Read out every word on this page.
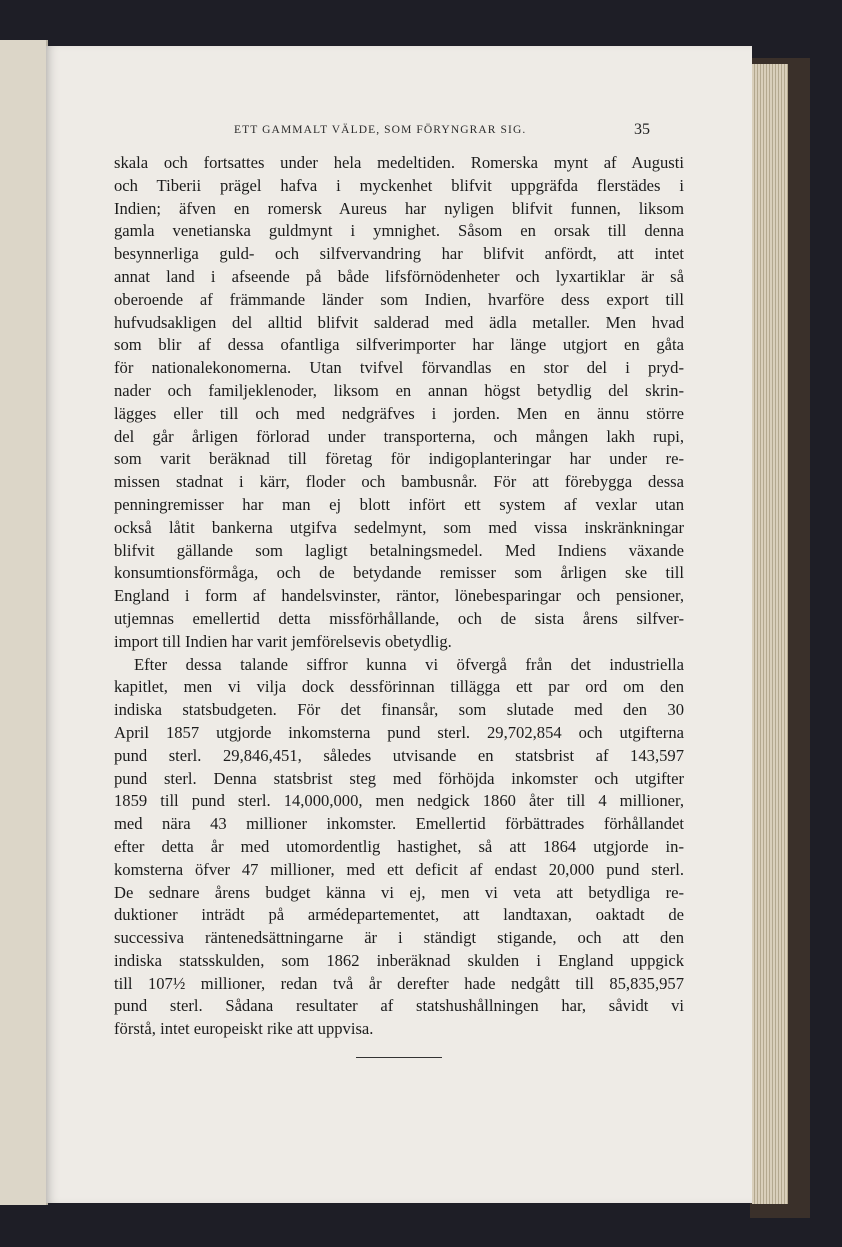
ETT GAMMALT VÄLDE, SOM FÖRYNGRAR SIG.	35
skala och fortsattes under hela medeltiden. Romerska mynt af Augusti
och Tiberii prägel hafva i myckenhet blifvit uppgräfda flerstädes i
Indien; äfven en romersk Aureus har nyligen blifvit funnen, liksom
gamla venetianska guldmynt i ymnighet. Såsom en orsak till denna
besynnerliga guld- och silfvervandring har blifvit anfördt, att intet
annat land i afseende på både lifsförnödenheter och lyxartiklar är så
oberoende af främmande länder som Indien, hvarföre dess export till
hufvudsakligen del alltid blifvit salderad med ädla metaller. Men hvad
som blir af dessa ofantliga silfverimporter har länge utgjort en gåta
för nationalekonomerna. Utan tvifvel förvandlas en stor del i pryd-
nader och familjeklenoder, liksom en annan högst betydlig del skrin-
lägges eller till och med nedgräfves i jorden. Men en ännu större
del går årligen förlorad under transporterna, och mången lakh rupi,
som varit beräknad till företag för indigoplanteringar har under re-
missen stadnat i kärr, floder och bambusnår. För att förebygga dessa
penningremisser har man ej blott infört ett system af vexlar utan
också låtit bankerna utgifva sedelmynt, som med vissa inskränkningar
blifvit gällande som lagligt betalningsmedel. Med Indiens växande
konsumtionsförmåga, och de betydande remisser som årligen ske till
England i form af handelsvinster, räntor, lönebesparingar och pensioner,
utjemnas emellertid detta missförhållande, och de sista årens silfver-
import till Indien har varit jemförelsevis obetydlig.
Efter dessa talande siffror kunna vi öfvergå från det industriella
kapitlet, men vi vilja dock dessförinnan tillägga ett par ord om den
indiska statsbudgeten. För det finansår, som slutade med den 30
April 1857 utgjorde inkomsterna pund sterl. 29,702,854 och utgifterna
pund sterl. 29,846,451, således utvisande en statsbrist af 143,597
pund sterl. Denna statsbrist steg med förhöjda inkomster och utgifter
1859 till pund sterl. 14,000,000, men nedgick 1860 åter till 4 millioner,
med nära 43 millioner inkomster. Emellertid förbättrades förhållandet
efter detta år med utomordentlig hastighet, så att 1864 utgjorde in-
komsterna öfver 47 millioner, med ett deficit af endast 20,000 pund sterl.
De sednare årens budget känna vi ej, men vi veta att betydliga re-
duktioner inträdt på armédepartementet, att landtaxan, oaktadt de
successiva räntenedsättningarne är i ständigt stigande, och att den
indiska statsskulden, som 1862 inberäknad skulden i England uppgick
till 107½ millioner, redan två år derefter hade nedgått till 85,835,957
pund sterl. Sådana resultater af statshushållningen har, såvidt vi
förstå, intet europeiskt rike att uppvisa.
